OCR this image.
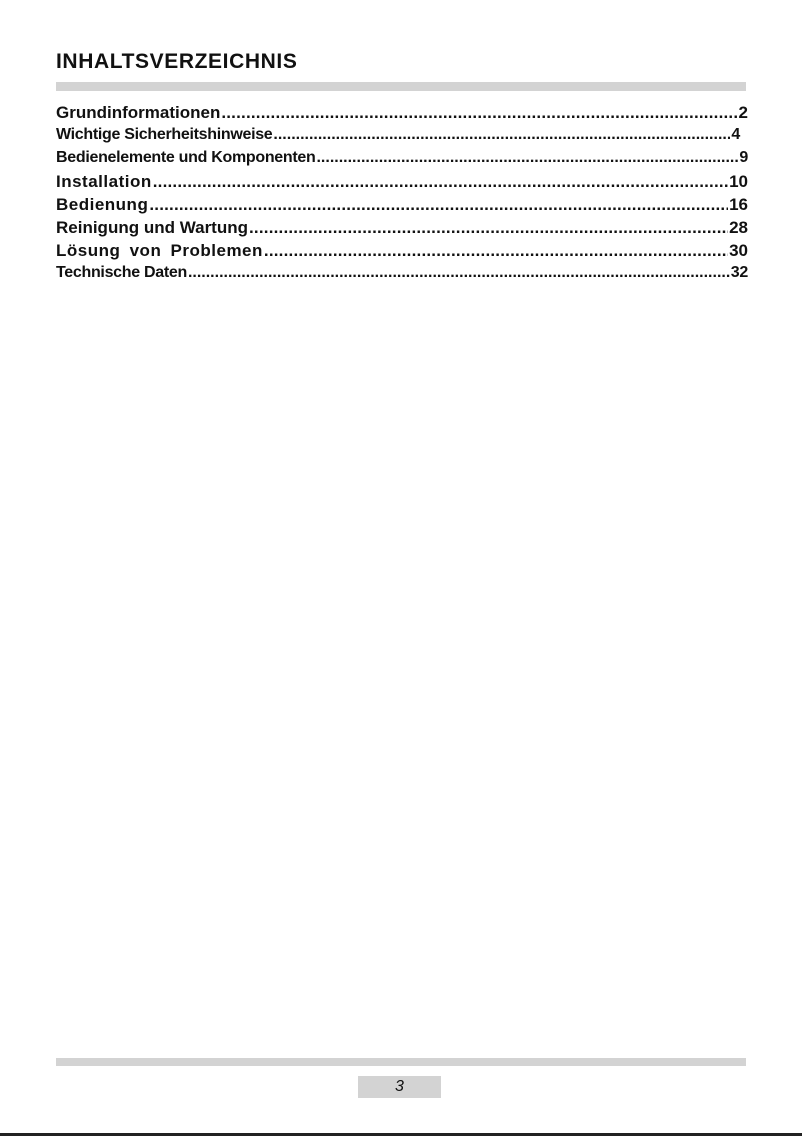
INHALTSVERZEICHNIS
Grundinformationen .....	2
Wichtige Sicherheitshinweise .....	4
Bedienelemente und Komponenten .....	9
Installation .....	10
Bedienung .....	16
Reinigung und Wartung .....	28
Lösung von Problemen .....	30
Technische Daten .....	32
3
